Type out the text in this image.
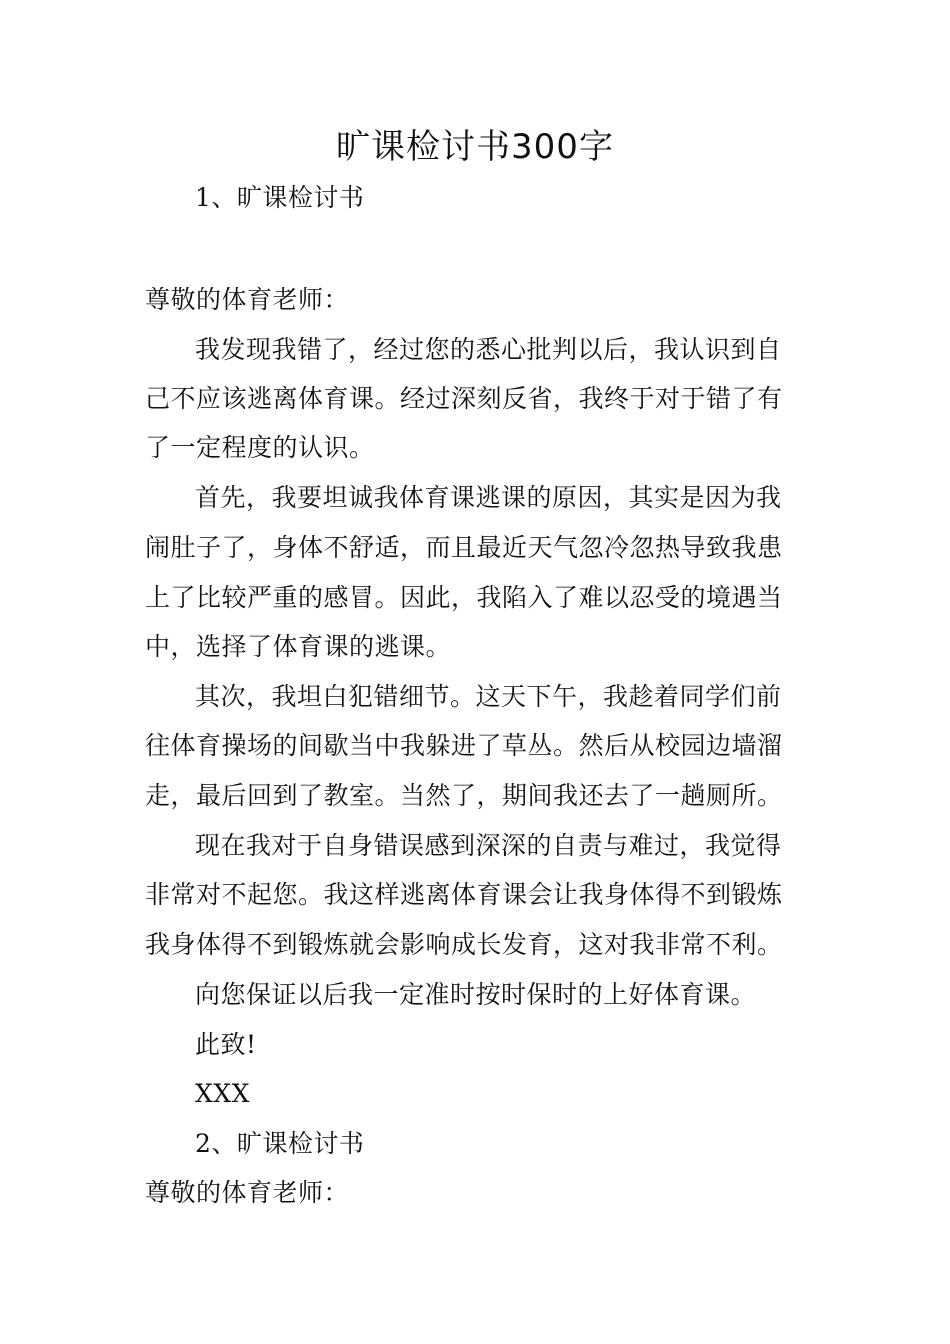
旷课检讨书300字
1、旷课检讨书
尊敬的体育老师：
我发现我错了，经过您的悉心批判以后，我认识到自
己不应该逃离体育课。经过深刻反省，我终于对于错了有
了一定程度的认识。
首先，我要坦诚我体育课逃课的原因，其实是因为我
闹肚子了，身体不舒适，而且最近天气忽冷忽热导致我患
上了比较严重的感冒。因此，我陷入了难以忍受的境遇当
中，选择了体育课的逃课。
其次，我坦白犯错细节。这天下午，我趁着同学们前
往体育操场的间歇当中我躲进了草丛。然后从校园边墙溜
走，最后回到了教室。当然了，期间我还去了一趟厕所。
现在我对于自身错误感到深深的自责与难过，我觉得
非常对不起您。我这样逃离体育课会让我身体得不到锻炼
我身体得不到锻炼就会影响成长发育，这对我非常不利。
向您保证以后我一定准时按时保时的上好体育课。
此致!
XXX
2、旷课检讨书
尊敬的体育老师：
